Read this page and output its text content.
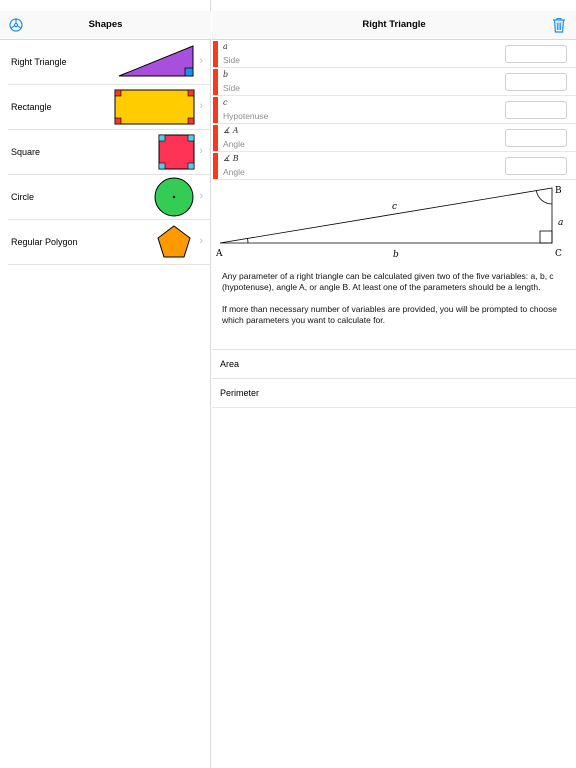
Shapes
Right Triangle	›
Rectangle	›
Square	›
Circle	›
Regular Polygon	›
Right Triangle
a
Side
b
Side
c
Hypotenuse
∡ A
Angle
∡ B
Angle
A
B
C
a
b
c

Any parameter of a right triangle can be calculated given two of the five variables: a, b, c (hypotenuse), angle A, or angle B. At least one of the parameters should be a length.

If more than necessary number of variables are provided, you will be prompted to choose which parameters you want to calculate for.

Area
Perimeter
